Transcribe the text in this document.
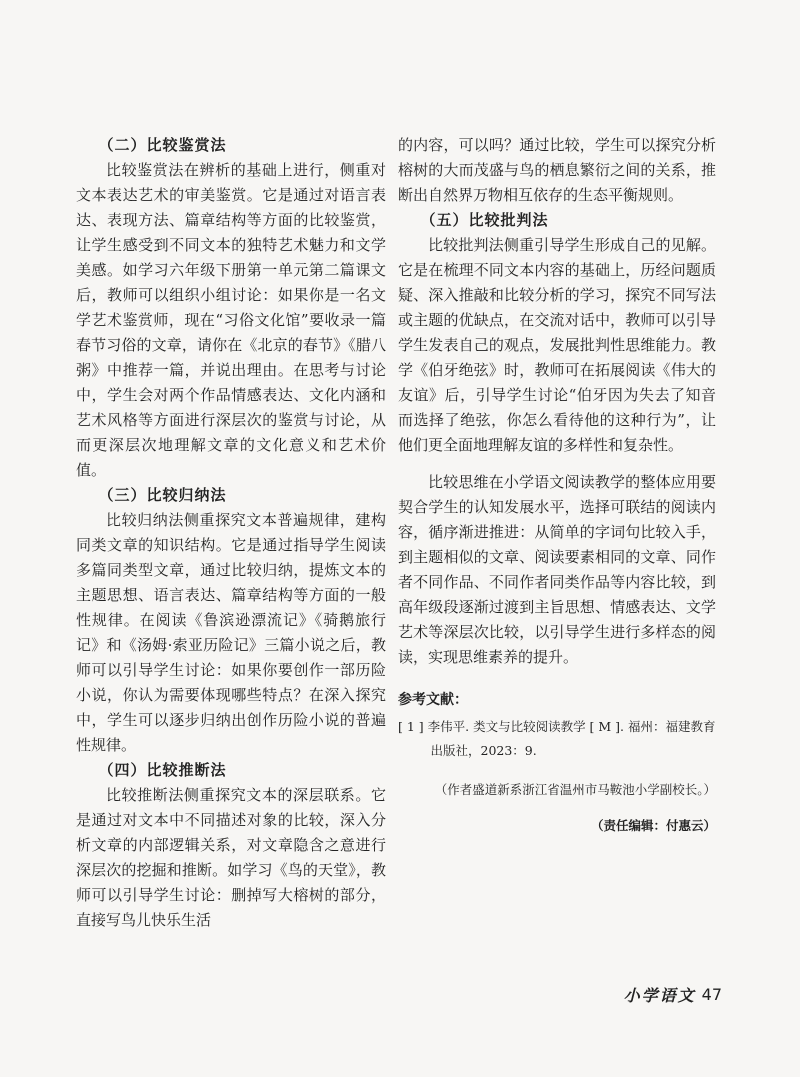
（二）比较鉴赏法

比较鉴赏法在辨析的基础上进行，侧重对文本表达艺术的审美鉴赏。它是通过对语言表达、表现方法、篇章结构等方面的比较鉴赏，让学生感受到不同文本的独特艺术魅力和文学美感。如学习六年级下册第一单元第二篇课文后，教师可以组织小组讨论：如果你是一名文学艺术鉴赏师，现在“习俗文化馆”要收录一篇春节习俗的文章，请你在《北京的春节》《腊八粥》中推荐一篇，并说出理由。在思考与讨论中，学生会对两个作品情感表达、文化内涵和艺术风格等方面进行深层次的鉴赏与讨论，从而更深层次地理解文章的文化意义和艺术价值。

（三）比较归纳法

比较归纳法侧重探究文本普遍规律，建构同类文章的知识结构。它是通过指导学生阅读多篇同类型文章，通过比较归纳，提炼文本的主题思想、语言表达、篇章结构等方面的一般性规律。在阅读《鲁滨逊漂流记》《骑鹅旅行记》和《汤姆·索亚历险记》三篇小说之后，教师可以引导学生讨论：如果你要创作一部历险小说，你认为需要体现哪些特点？在深入探究中，学生可以逐步归纳出创作历险小说的普遍性规律。

（四）比较推断法

比较推断法侧重探究文本的深层联系。它是通过对文本中不同描述对象的比较，深入分析文章的内部逻辑关系，对文章隐含之意进行深层次的挖掘和推断。如学习《鸟的天堂》，教师可以引导学生讨论：删掉写大榕树的部分，直接写鸟儿快乐生活

的内容，可以吗？通过比较，学生可以探究分析榕树的大而茂盛与鸟的栖息繁衍之间的关系，推断出自然界万物相互依存的生态平衡规则。

（五）比较批判法

比较批判法侧重引导学生形成自己的见解。它是在梳理不同文本内容的基础上，历经问题质疑、深入推敲和比较分析的学习，探究不同写法或主题的优缺点，在交流对话中，教师可以引导学生发表自己的观点，发展批判性思维能力。教学《伯牙绝弦》时，教师可在拓展阅读《伟大的友谊》后，引导学生讨论“伯牙因为失去了知音而选择了绝弦，你怎么看待他的这种行为”，让他们更全面地理解友谊的多样性和复杂性。

比较思维在小学语文阅读教学的整体应用要契合学生的认知发展水平，选择可联结的阅读内容，循序渐进推进：从简单的字词句比较入手，到主题相似的文章、阅读要素相同的文章、同作者不同作品、不同作者同类作品等内容比较，到高年级段逐渐过渡到主旨思想、情感表达、文学艺术等深层次比较，以引导学生进行多样态的阅读，实现思维素养的提升。

参考文献：
[ 1 ] 李伟平. 类文与比较阅读教学 [ M ]. 福州：福建教育出版社，2023：9.
（作者盛道新系浙江省温州市马鞍池小学副校长。）
（责任编辑：付惠云）
小学语文 47
